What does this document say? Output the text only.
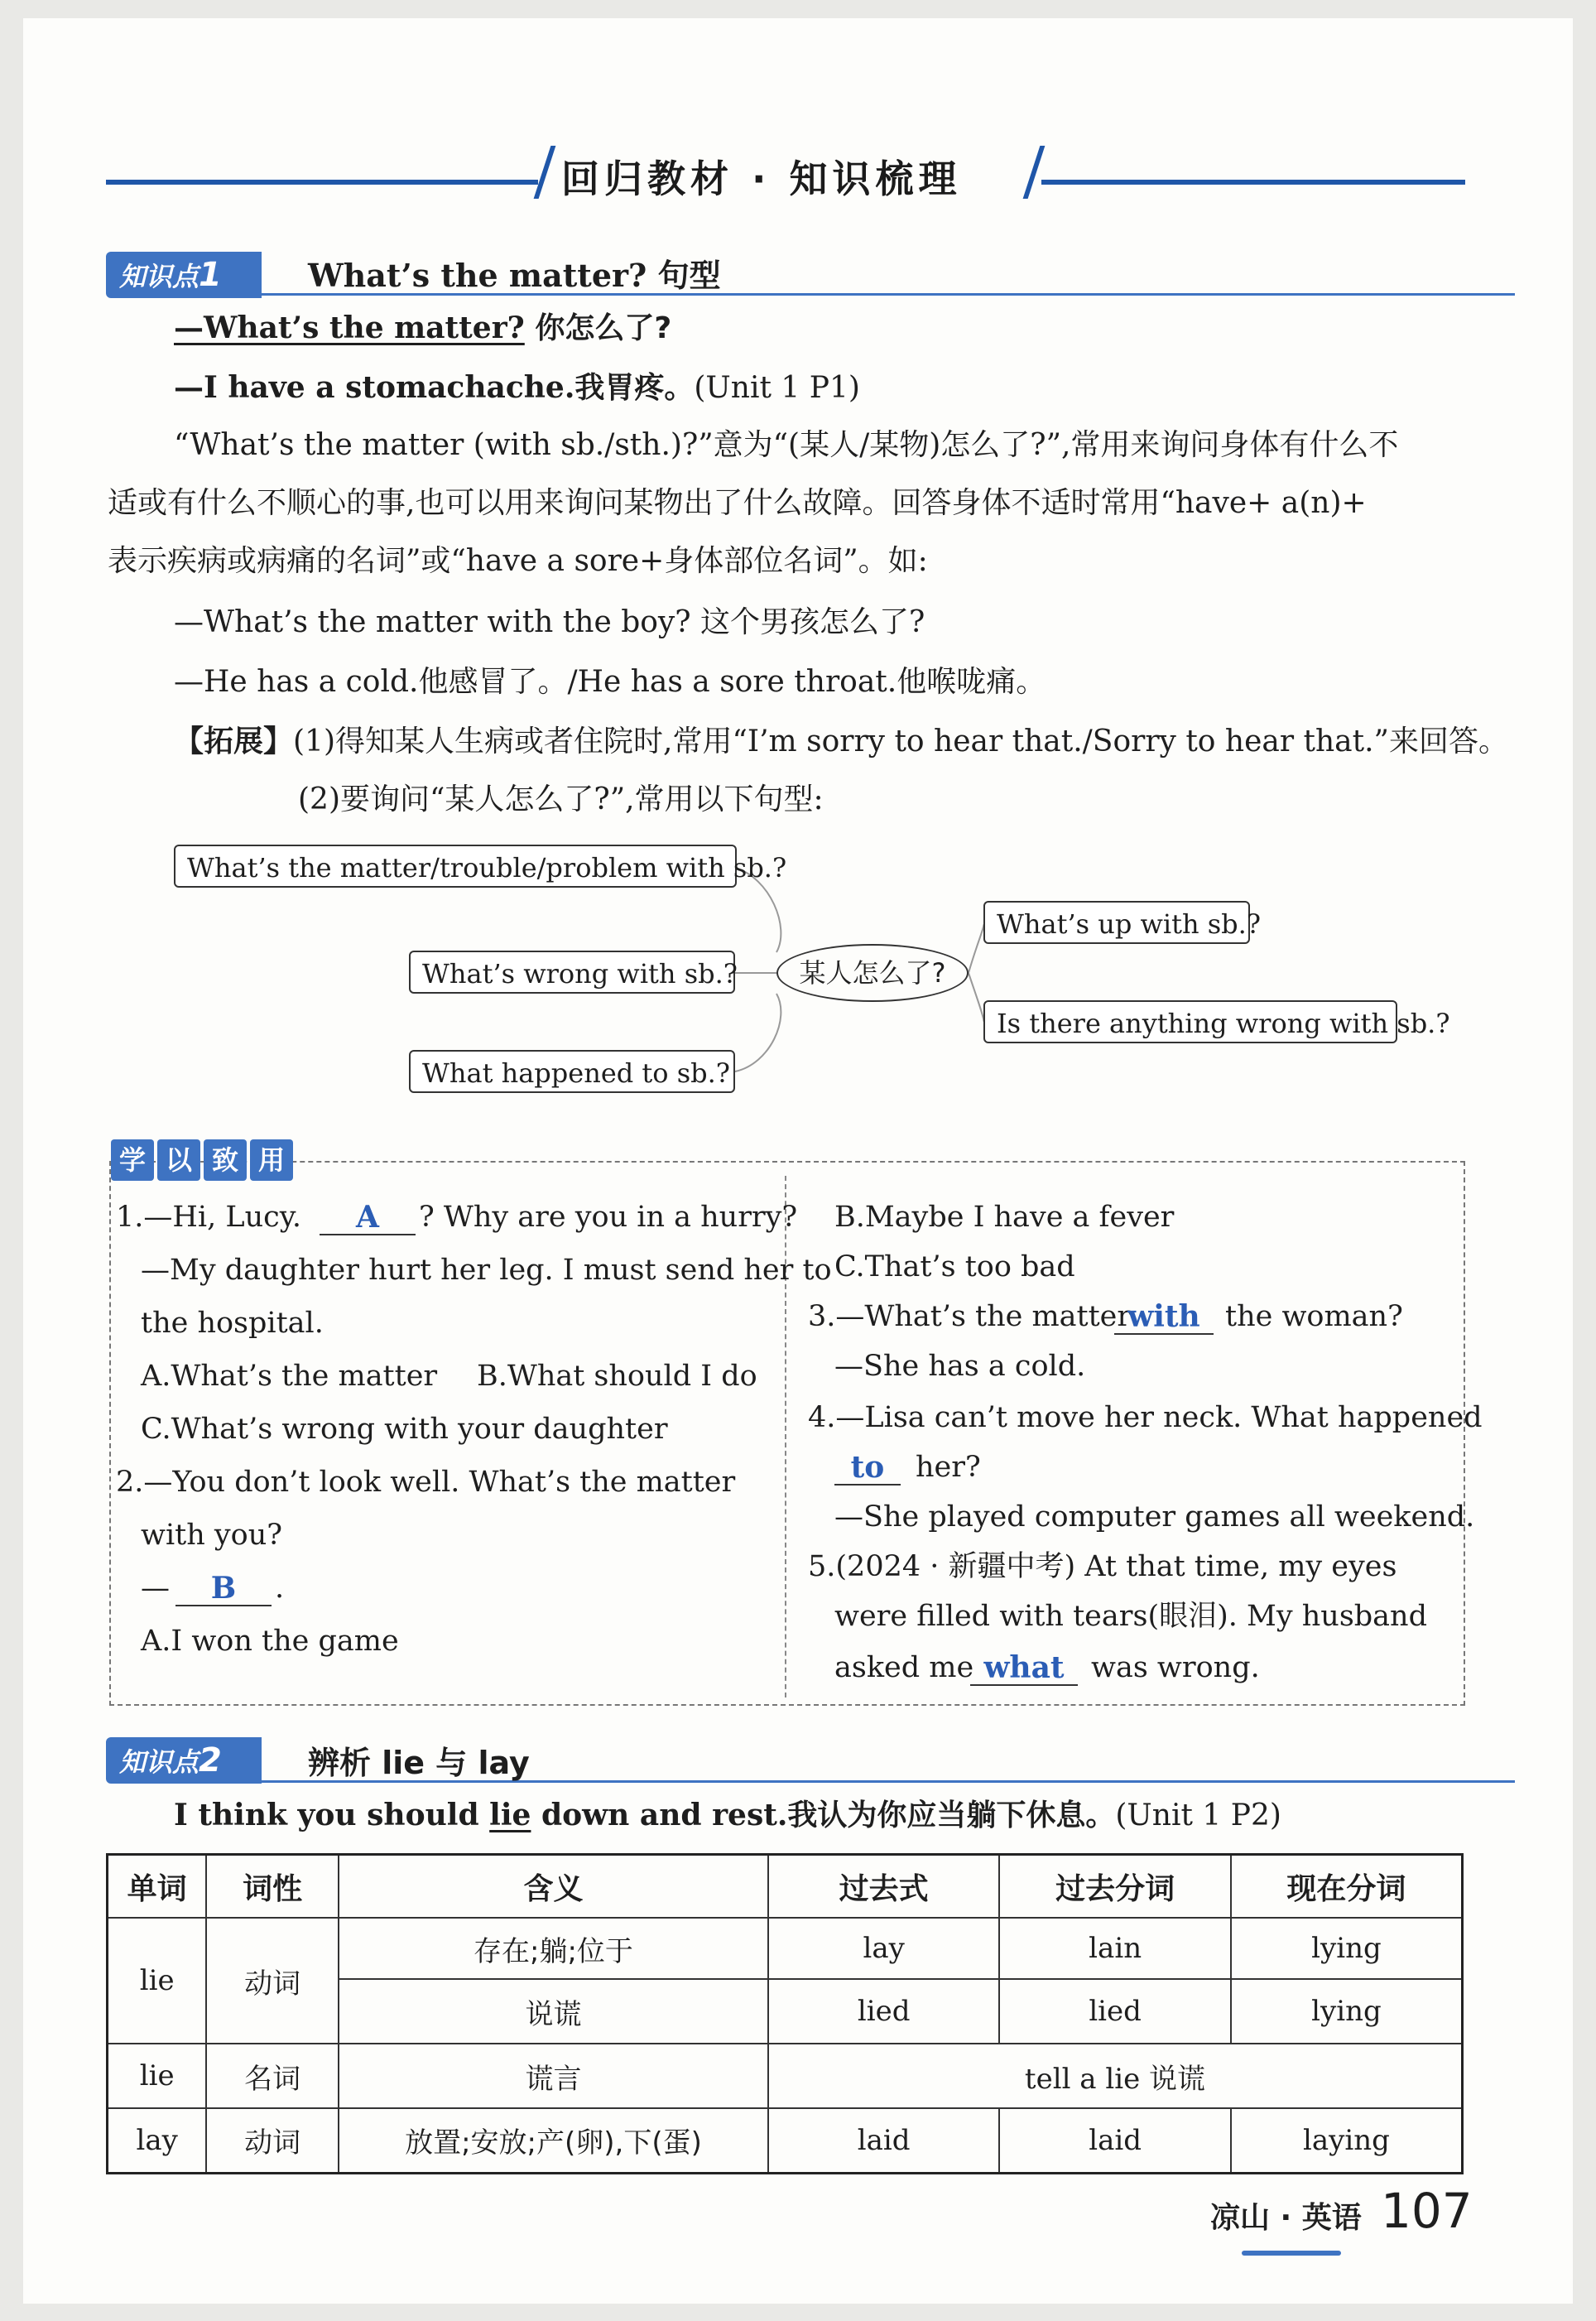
回归教材 · 知识梳理
知识点1	What’s the matter? 句型
—What’s the matter? 你怎么了?
—I have a stomachache.我胃疼。(Unit 1 P1)
“What’s the matter (with sb./sth.)?”意为“(某人/某物)怎么了?”,常用来询问身体有什么不
适或有什么不顺心的事,也可以用来询问某物出了什么故障。回答身体不适时常用“have+ a(n)+
表示疾病或病痛的名词”或“have a sore+身体部位名词”。如:
—What’s the matter with the boy? 这个男孩怎么了?
—He has a cold.他感冒了。/He has a sore throat.他喉咙痛。
【拓展】(1)得知某人生病或者住院时,常用“I’m sorry to hear that./Sorry to hear that.”来回答。
(2)要询问“某人怎么了?”,常用以下句型:
What’s the matter/trouble/problem with sb.?
What’s wrong with sb.?
What happened to sb.?
某人怎么了?
What’s up with sb.?
Is there anything wrong with sb.?
学 以 致 用
1.—Hi, Lucy.	A	? Why are you in a hurry?
—My daughter hurt her leg. I must send her to
the hospital.
A.What’s the matter B.What should I do
C.What’s wrong with your daughter
2.—You don’t look well. What’s the matter
with you?
—	B	.
A.I won the game
B.Maybe I have a fever
C.That’s too bad
3.—What’s the matter
with the woman?
—She has a cold.
4.—Lisa can’t move her neck. What happened
to	her?
—She played computer games all weekend.
5.(2024 · 新疆中考) At that time, my eyes
were filled with tears(眼泪). My husband
asked me what was wrong.
知识点2	辨析 lie 与 lay
I think you should lie down and rest.我认为你应当躺下休息。(Unit 1 P2)
单词	词性	含义	过去式	过去分词	现在分词
lie	动词	存在;躺;位于	lay	lain	lying
		说谎	lied	lied	lying
lie	名词	谎言	tell a lie 说谎		
lay	动词	放置;安放;产(卵),下(蛋)	laid	laid	laying
凉山 · 英语 107
